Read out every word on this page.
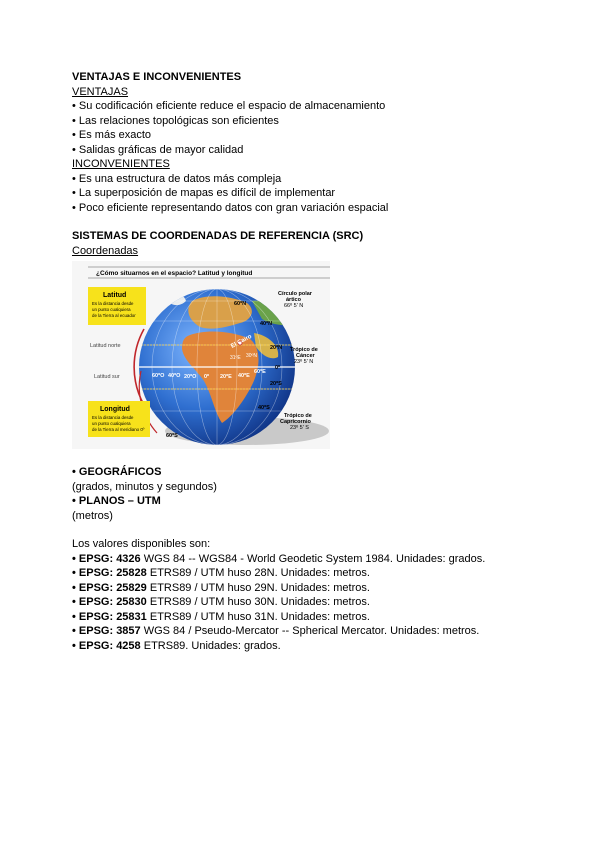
VENTAJAS E INCONVENIENTES
VENTAJAS
• Su codificación eficiente reduce el espacio de almacenamiento
• Las relaciones topológicas son eficientes
• Es más exacto
• Salidas gráficas de mayor calidad
INCONVENIENTES
• Es una estructura de datos más compleja
• La superposición de mapas es difícil de implementar
• Poco eficiente representando datos con gran variación espacial
SISTEMAS DE COORDENADAS DE REFERENCIA (SRC)
Coordenadas
¿Cómo situarnos en el espacio? Latitud y longitud
El Cairo
31ºE 30ºN
60ºN
40ºN
20ºN
0º
20ºS
40ºS
60ºS
60ºO 40ºO 20ºO 0º 20ºE 40ºE
60ºE
Latitud
Es la distancia desde
un punto cualquiera
de la Tierra al ecuador
Latitud norte
Latitud sur
Longitud
Es la distancia desde
un punto cualquiera
de la Tierra al meridiano 0º
Círculo polar
ártico
66º 5' N
Trópico de
Cáncer
23º 5' N
Trópico de
Capricornio
23º 5' S
• GEOGRÁFICOS
(grados, minutos y segundos)
• PLANOS – UTM
(metros)
Los valores disponibles son:
• EPSG: 4326 WGS 84 -- WGS84 - World Geodetic System 1984. Unidades: grados.
• EPSG: 25828 ETRS89 / UTM huso 28N. Unidades: metros.
• EPSG: 25829 ETRS89 / UTM huso 29N. Unidades: metros.
• EPSG: 25830 ETRS89 / UTM huso 30N. Unidades: metros.
• EPSG: 25831 ETRS89 / UTM huso 31N. Unidades: metros.
• EPSG: 3857 WGS 84 / Pseudo-Mercator -- Spherical Mercator. Unidades: metros.
• EPSG: 4258 ETRS89. Unidades: grados.
